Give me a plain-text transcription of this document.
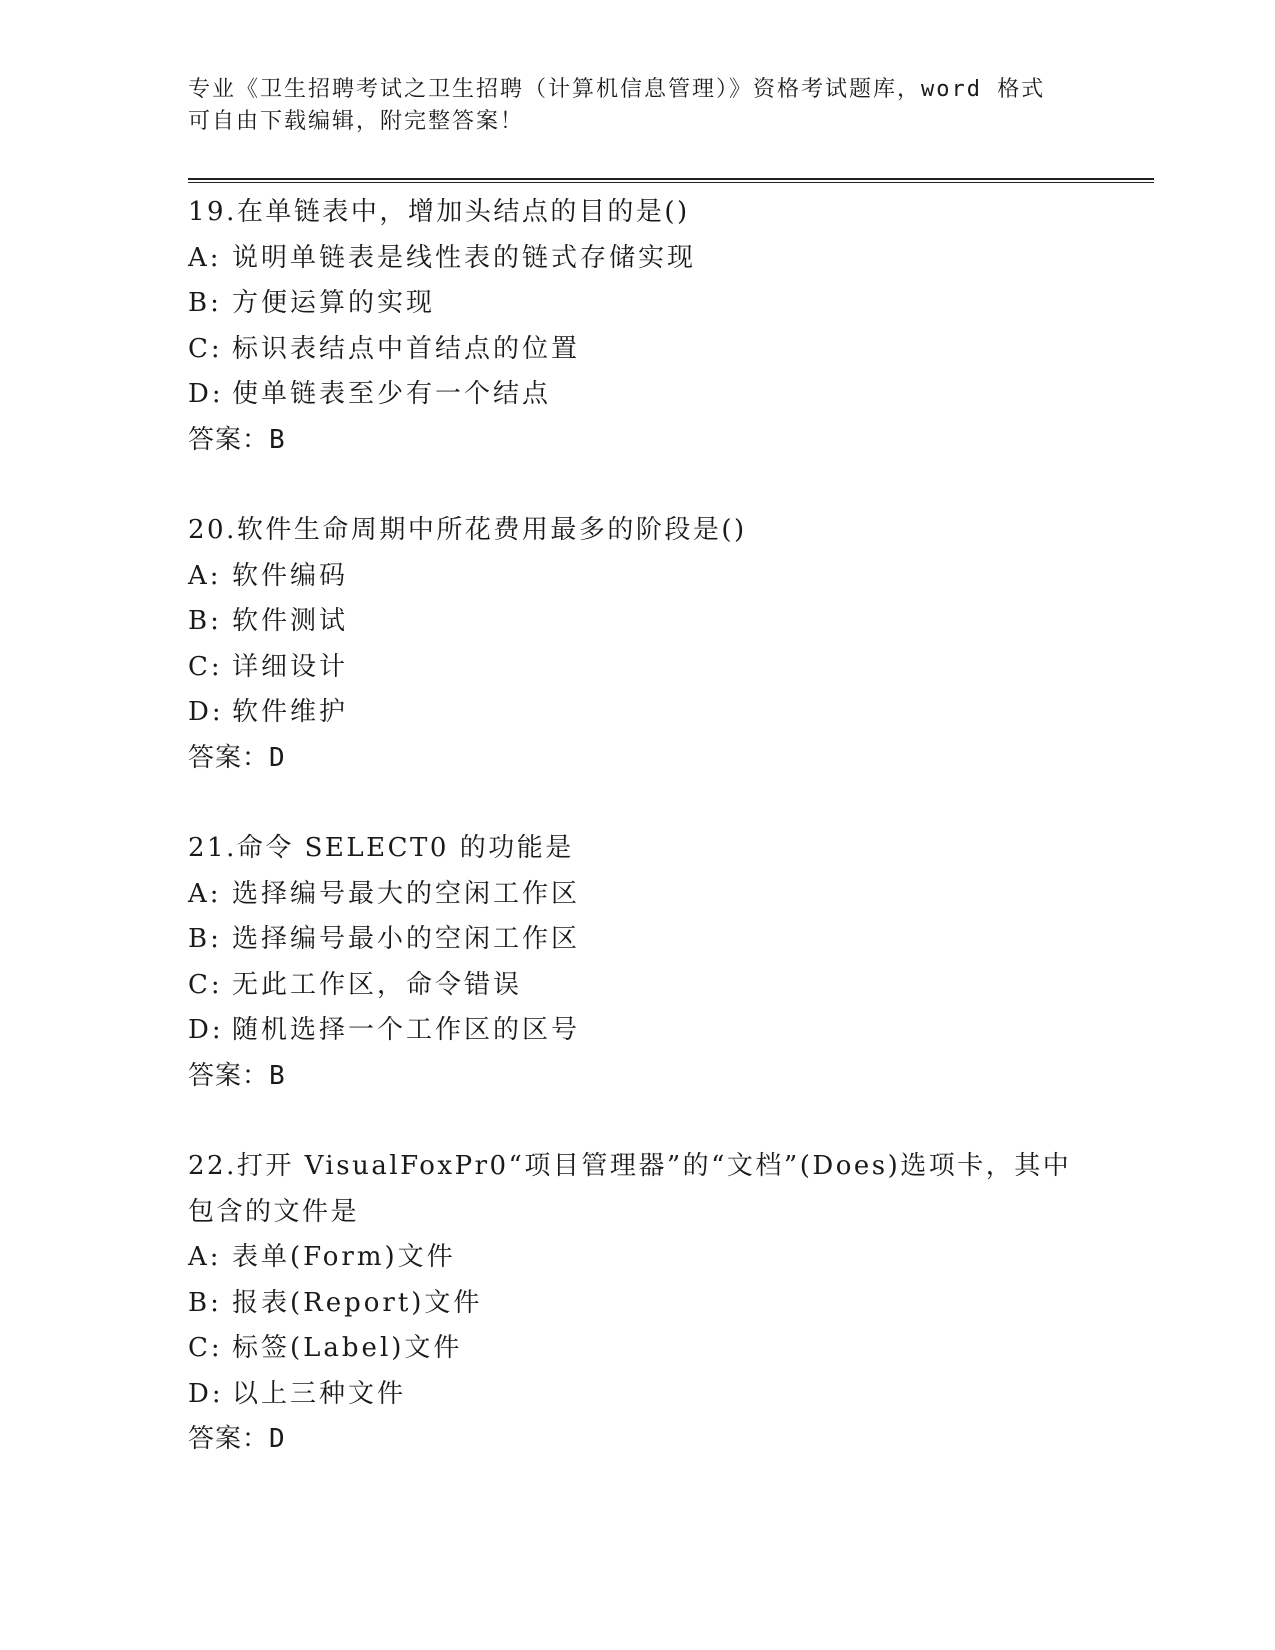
专业《卫生招聘考试之卫生招聘（计算机信息管理）》资格考试题库，word 格式
可自由下载编辑，附完整答案！
19.在单链表中，增加头结点的目的是()
A: 说明单链表是线性表的链式存储实现
B: 方便运算的实现
C: 标识表结点中首结点的位置
D: 使单链表至少有一个结点
答案：B
20.软件生命周期中所花费用最多的阶段是()
A: 软件编码
B: 软件测试
C: 详细设计
D: 软件维护
答案：D
21.命令 SELECT0 的功能是
A: 选择编号最大的空闲工作区
B: 选择编号最小的空闲工作区
C: 无此工作区，命令错误
D: 随机选择一个工作区的区号
答案：B
22.打开 VisualFoxPr0“项目管理器”的“文档”(Does)选项卡，其中包含的文件是
A: 表单(Form)文件
B: 报表(Report)文件
C: 标签(Label)文件
D: 以上三种文件
答案：D
